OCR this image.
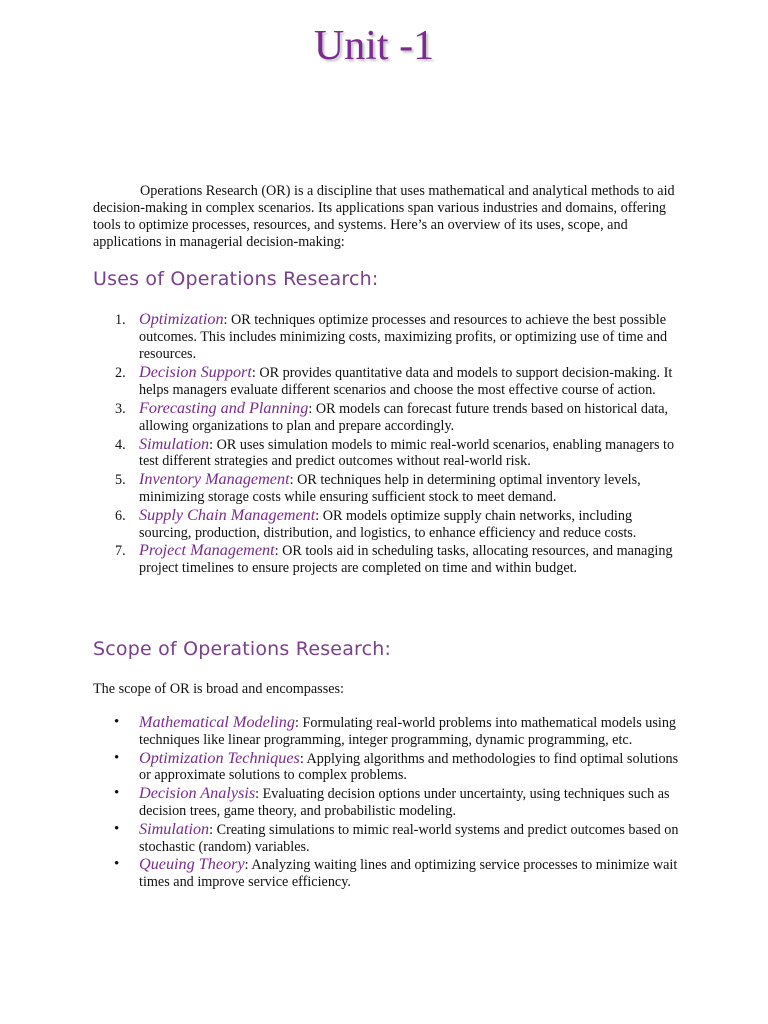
Unit -1

Operations Research (OR) is a discipline that uses mathematical and analytical methods to aid decision-making in complex scenarios. Its applications span various industries and domains, offering tools to optimize processes, resources, and systems. Here’s an overview of its uses, scope, and applications in managerial decision-making:

Uses of Operations Research:
1. Optimization: OR techniques optimize processes and resources to achieve the best possible outcomes. This includes minimizing costs, maximizing profits, or optimizing use of time and resources.
2. Decision Support: OR provides quantitative data and models to support decision-making. It helps managers evaluate different scenarios and choose the most effective course of action.
3. Forecasting and Planning: OR models can forecast future trends based on historical data, allowing organizations to plan and prepare accordingly.
4. Simulation: OR uses simulation models to mimic real-world scenarios, enabling managers to test different strategies and predict outcomes without real-world risk.
5. Inventory Management: OR techniques help in determining optimal inventory levels, minimizing storage costs while ensuring sufficient stock to meet demand.
6. Supply Chain Management: OR models optimize supply chain networks, including sourcing, production, distribution, and logistics, to enhance efficiency and reduce costs.
7. Project Management: OR tools aid in scheduling tasks, allocating resources, and managing project timelines to ensure projects are completed on time and within budget.
Scope of Operations Research:

The scope of OR is broad and encompasses:

• Mathematical Modeling: Formulating real-world problems into mathematical models using techniques like linear programming, integer programming, dynamic programming, etc.
• Optimization Techniques: Applying algorithms and methodologies to find optimal solutions or approximate solutions to complex problems.
• Decision Analysis: Evaluating decision options under uncertainty, using techniques such as decision trees, game theory, and probabilistic modeling.
• Simulation: Creating simulations to mimic real-world systems and predict outcomes based on stochastic (random) variables.
• Queuing Theory: Analyzing waiting lines and optimizing service processes to minimize wait times and improve service efficiency.
